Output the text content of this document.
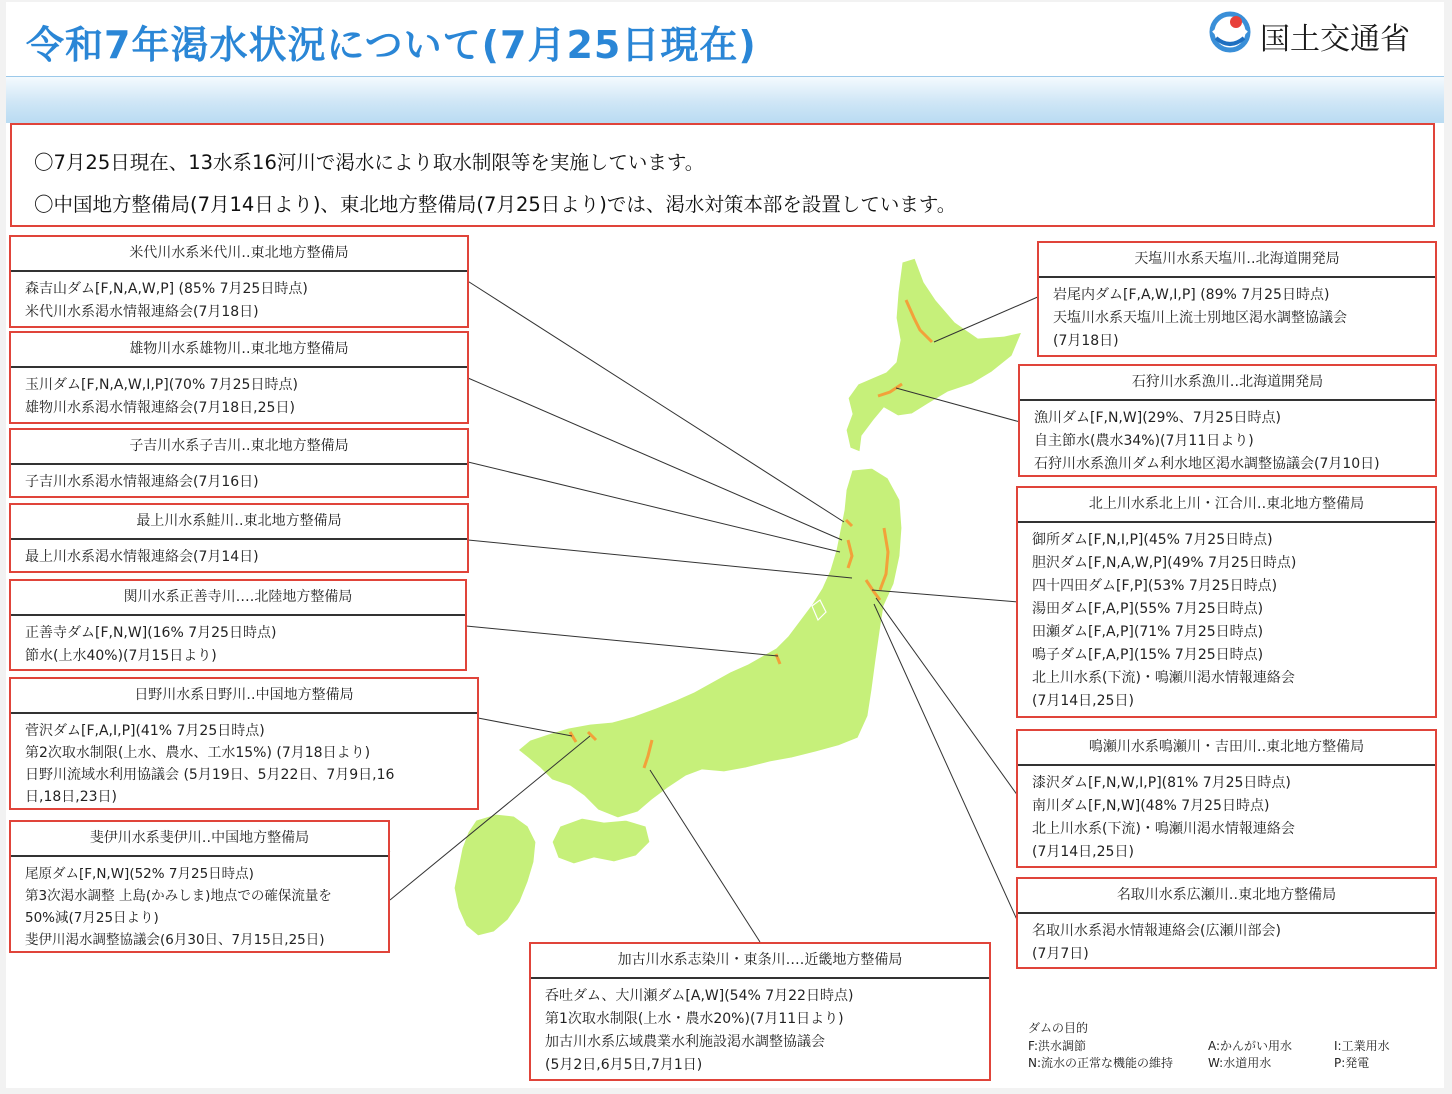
令和7年渇水状況について(7月25日現在)	国土交通省

〇7月25日現在、13水系16河川で渇水により取水制限等を実施しています。

〇中国地方整備局(7月14日より)、東北地方整備局(7月25日より)では、渇水対策本部を設置しています。

米代川水系米代川‥東北地方整備局
森吉山ダム[F,N,A,W,P] (85% 7月25日時点)
米代川水系渇水情報連絡会(7月18日)
雄物川水系雄物川‥東北地方整備局
玉川ダム[F,N,A,W,I,P](70% 7月25日時点)
雄物川水系渇水情報連絡会(7月18日,25日)
子吉川水系子吉川‥東北地方整備局
子吉川水系渇水情報連絡会(7月16日)
最上川水系鮭川‥東北地方整備局
最上川水系渇水情報連絡会(7月14日)
関川水系正善寺川‥‥北陸地方整備局
正善寺ダム[F,N,W](16% 7月25日時点)
節水(上水40%)(7月15日より)
日野川水系日野川‥中国地方整備局
菅沢ダム[F,A,I,P](41% 7月25日時点)
第2次取水制限(上水、農水、工水15%) (7月18日より)
日野川流域水利用協議会 (5月19日、5月22日、7月9日,16
日,18日,23日)
斐伊川水系斐伊川‥中国地方整備局
尾原ダム[F,N,W](52% 7月25日時点)
第3次渇水調整 上島(かみしま)地点での確保流量を
50%減(7月25日より)
斐伊川渇水調整協議会(6月30日、7月15日,25日)
天塩川水系天塩川‥北海道開発局
岩尾内ダム[F,A,W,I,P] (89% 7月25日時点)
天塩川水系天塩川上流士別地区渇水調整協議会
(7月18日)
石狩川水系漁川‥北海道開発局
漁川ダム[F,N,W](29%、7月25日時点)
自主節水(農水34%)(7月11日より)
石狩川水系漁川ダム利水地区渇水調整協議会(7月10日)
北上川水系北上川・江合川‥東北地方整備局
御所ダム[F,N,I,P](45% 7月25日時点)
胆沢ダム[F,N,A,W,P](49% 7月25日時点)
四十四田ダム[F,P](53% 7月25日時点)
湯田ダム[F,A,P](55% 7月25日時点)
田瀬ダム[F,A,P](71% 7月25日時点)
鳴子ダム[F,A,P](15% 7月25日時点)
北上川水系(下流)・鳴瀬川渇水情報連絡会
(7月14日,25日)
鳴瀬川水系鳴瀬川・吉田川‥東北地方整備局
漆沢ダム[F,N,W,I,P](81% 7月25日時点)
南川ダム[F,N,W](48% 7月25日時点)
北上川水系(下流)・鳴瀬川渇水情報連絡会
(7月14日,25日)
名取川水系広瀬川‥東北地方整備局
名取川水系渇水情報連絡会(広瀬川部会)
(7月7日)
加古川水系志染川・東条川‥‥近畿地方整備局
呑吐ダム、大川瀬ダム[A,W](54% 7月22日時点)
第1次取水制限(上水・農水20%)(7月11日より)
加古川水系広域農業水利施設渇水調整協議会
(5月2日,6月5日,7月1日)
ダムの目的
F:洪水調節	A:かんがい用水	I:工業用水
N:流水の正常な機能の維持	W:水道用水	P:発電
